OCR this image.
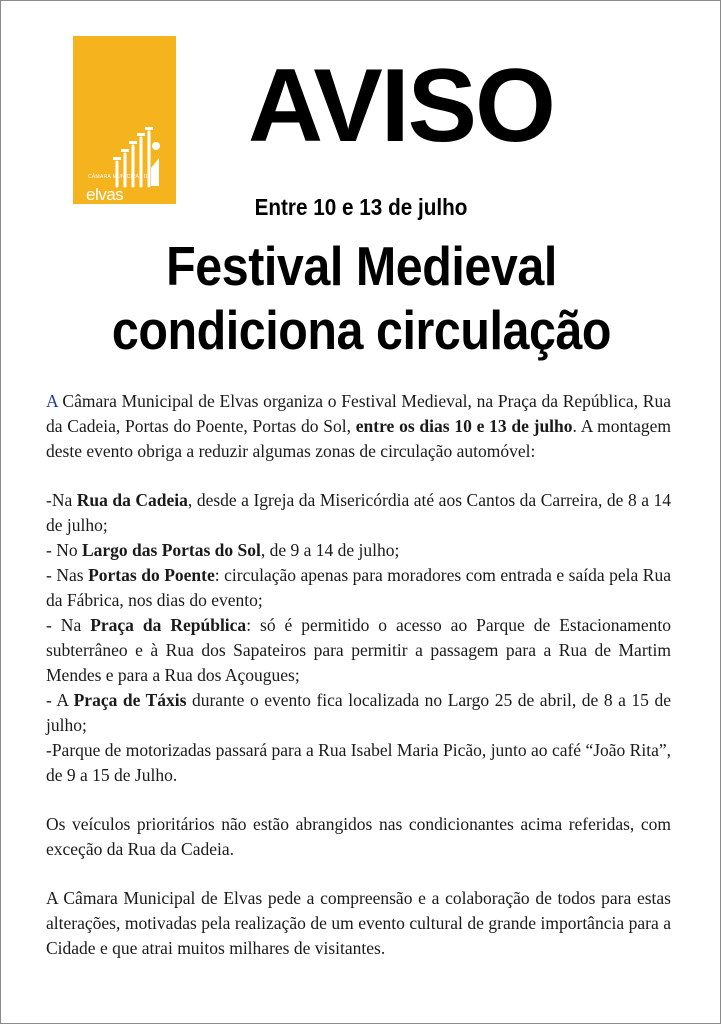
CÂMARA MUNICIPAL DE
elvas
AVISO
Entre 10 e 13 de julho
Festival Medieval
condiciona circulação

A Câmara Municipal de Elvas organiza o Festival Medieval, na Praça da República, Rua da Cadeia, Portas do Poente, Portas do Sol, entre os dias 10 e 13 de julho. A montagem deste evento obriga a reduzir algumas zonas de circulação automóvel:

-Na Rua da Cadeia, desde a Igreja da Misericórdia até aos Cantos da Carreira, de 8 a 14 de julho;

- No Largo das Portas do Sol, de 9 a 14 de julho;

- Nas Portas do Poente: circulação apenas para moradores com entrada e saída pela Rua da Fábrica, nos dias do evento;

- Na Praça da República: só é permitido o acesso ao Parque de Estacionamento subterrâneo e à Rua dos Sapateiros para permitir a passagem para a Rua de Martim Mendes e para a Rua dos Açougues;

- A Praça de Táxis durante o evento fica localizada no Largo 25 de abril, de 8 a 15 de julho;

-Parque de motorizadas passará para a Rua Isabel Maria Picão, junto ao café “João Rita”, de 9 a 15 de Julho.

Os veículos prioritários não estão abrangidos nas condicionantes acima referidas, com exceção da Rua da Cadeia.

A Câmara Municipal de Elvas pede a compreensão e a colaboração de todos para estas alterações, motivadas pela realização de um evento cultural de grande importância para a Cidade e que atrai muitos milhares de visitantes.
